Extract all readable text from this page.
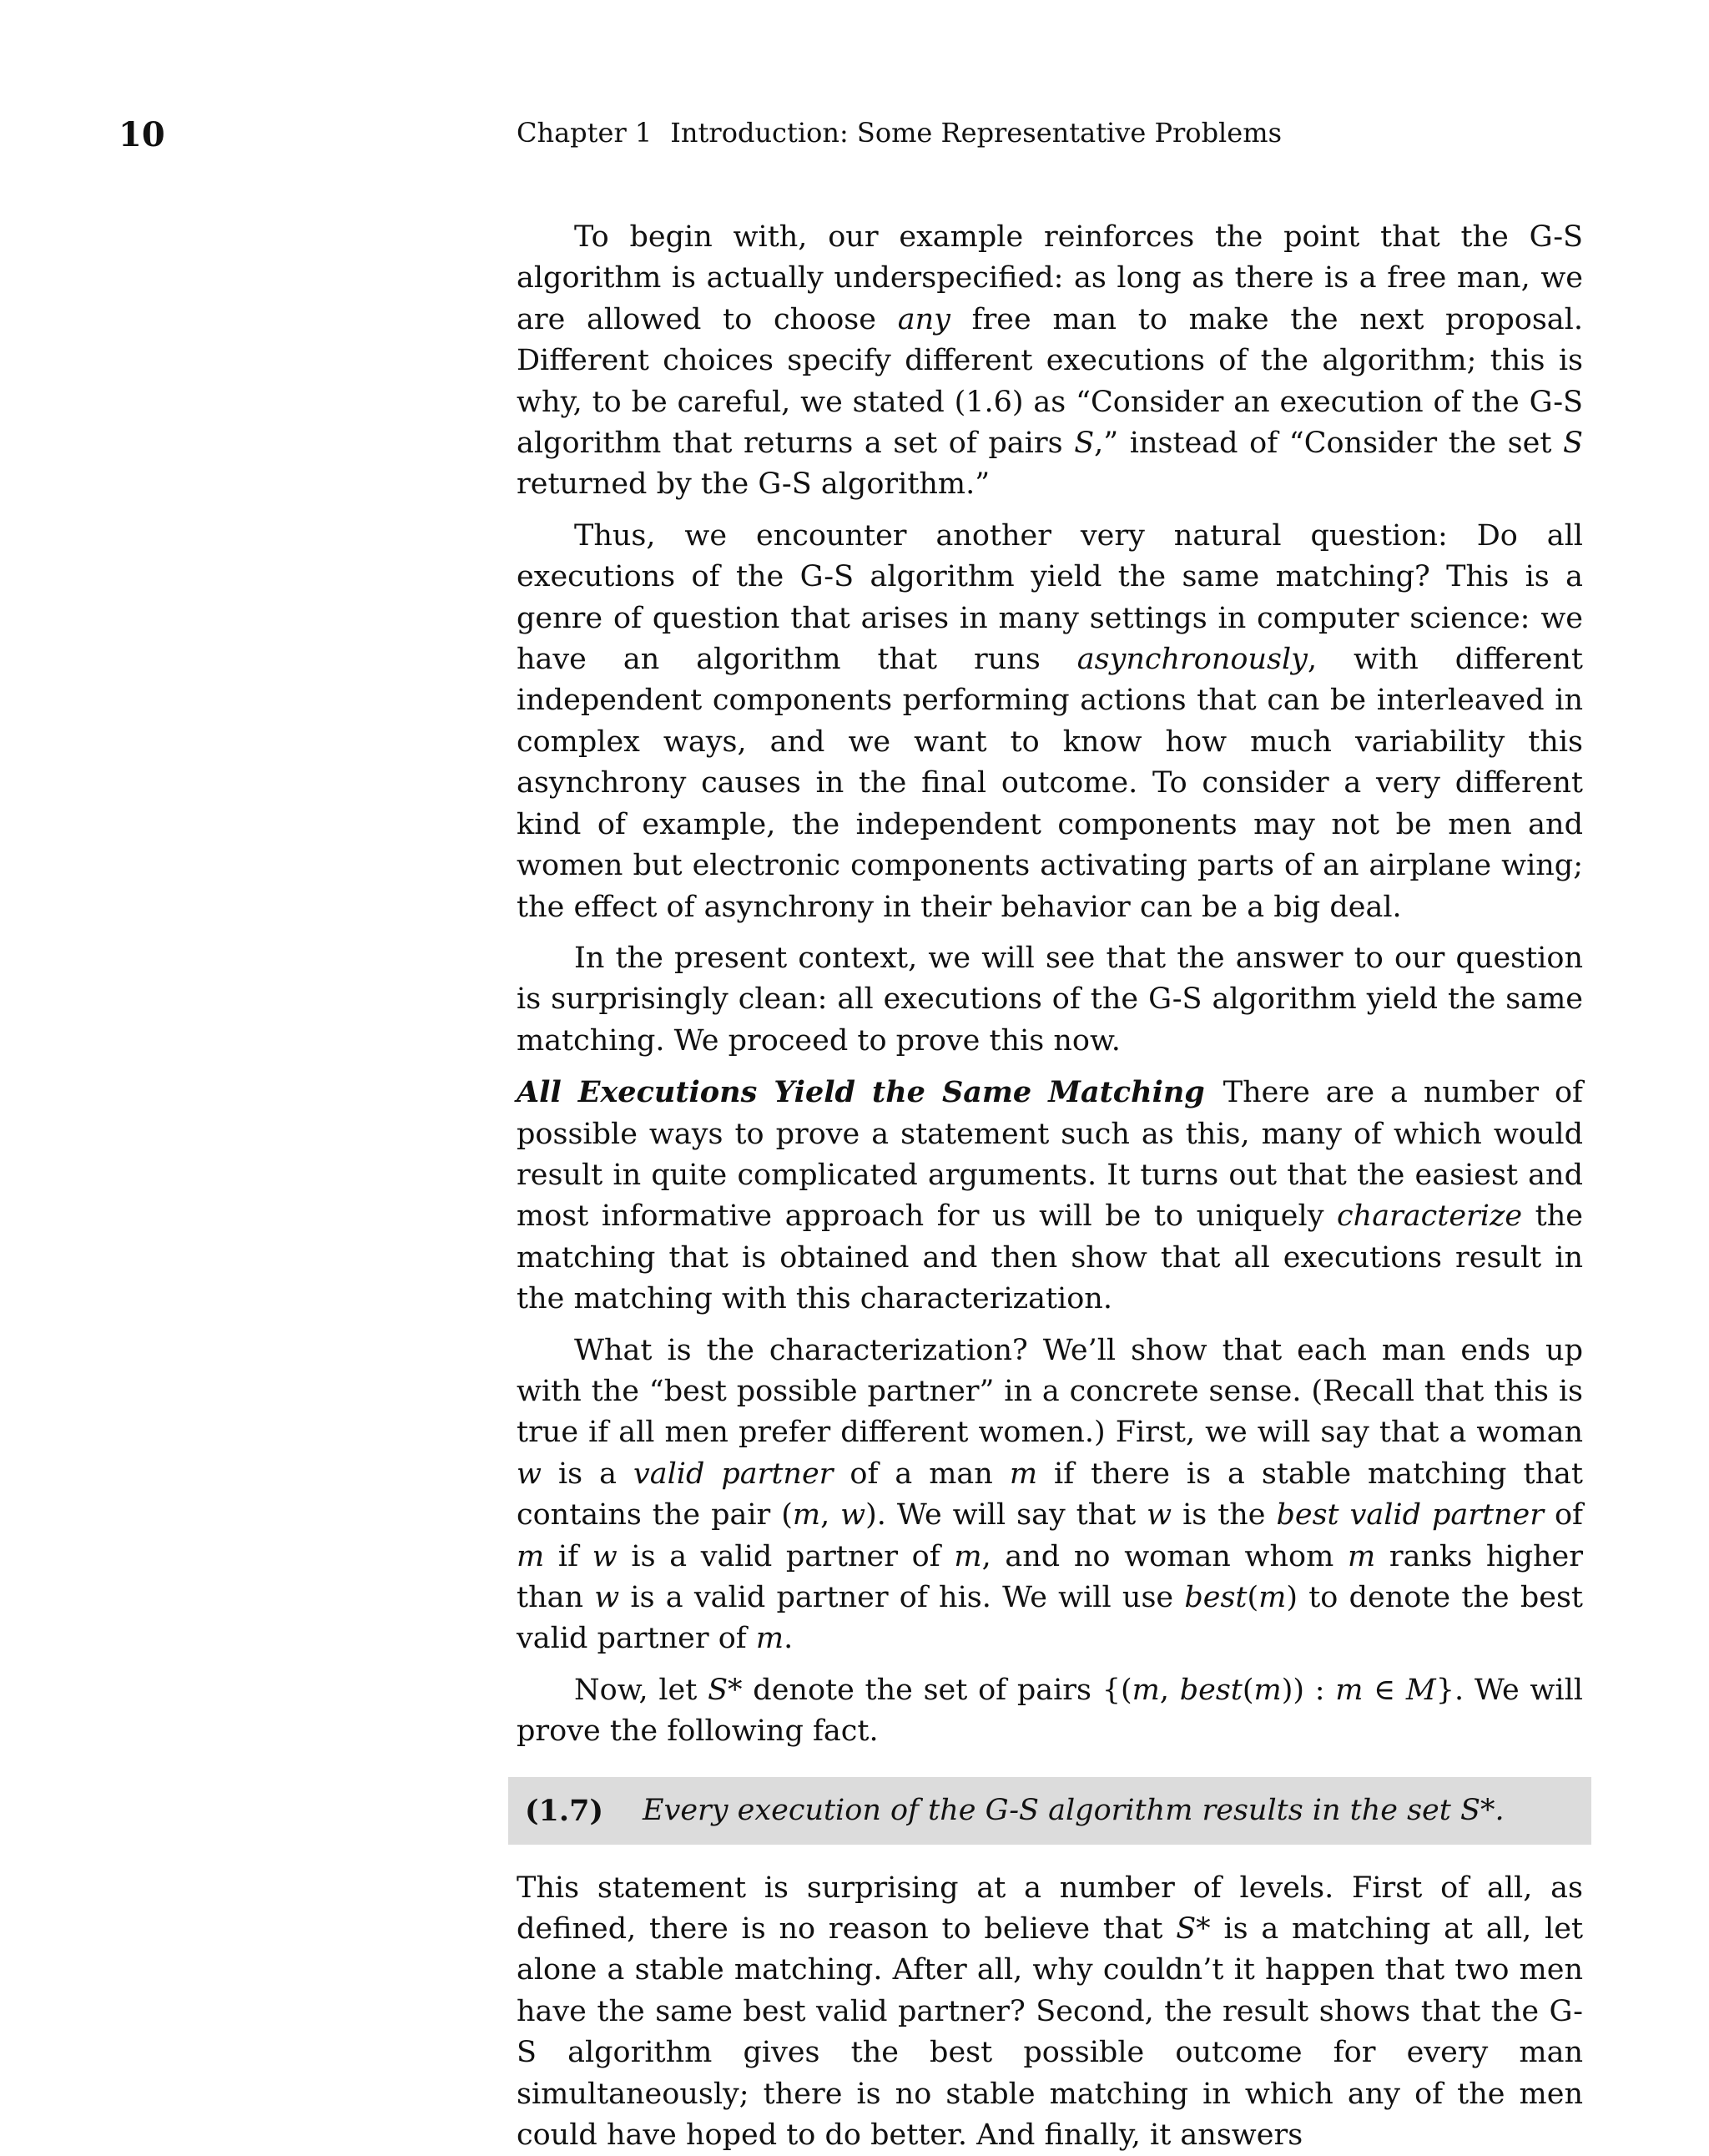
10	Chapter 1 Introduction: Some Representative Problems

To begin with, our example reinforces the point that the G-S algorithm is actually underspecified: as long as there is a free man, we are allowed to choose any free man to make the next proposal. Different choices specify different executions of the algorithm; this is why, to be careful, we stated (1.6) as “Consider an execution of the G-S algorithm that returns a set of pairs S,” instead of “Consider the set S returned by the G-S algorithm.”

Thus, we encounter another very natural question: Do all executions of the G-S algorithm yield the same matching? This is a genre of question that arises in many settings in computer science: we have an algorithm that runs asynchronously, with different independent components performing actions that can be interleaved in complex ways, and we want to know how much variability this asynchrony causes in the final outcome. To consider a very different kind of example, the independent components may not be men and women but electronic components activating parts of an airplane wing; the effect of asynchrony in their behavior can be a big deal.

In the present context, we will see that the answer to our question is surprisingly clean: all executions of the G-S algorithm yield the same matching. We proceed to prove this now.

All Executions Yield the Same Matching There are a number of possible ways to prove a statement such as this, many of which would result in quite complicated arguments. It turns out that the easiest and most informative approach for us will be to uniquely characterize the matching that is obtained and then show that all executions result in the matching with this characterization.

What is the characterization? We’ll show that each man ends up with the “best possible partner” in a concrete sense. (Recall that this is true if all men prefer different women.) First, we will say that a woman w is a valid partner of a man m if there is a stable matching that contains the pair (m, w). We will say that w is the best valid partner of m if w is a valid partner of m, and no woman whom m ranks higher than w is a valid partner of his. We will use best(m) to denote the best valid partner of m.

Now, let S* denote the set of pairs {(m, best(m)) : m ∈ M}. We will prove the following fact.

(1.7) Every execution of the G-S algorithm results in the set S*.

This statement is surprising at a number of levels. First of all, as defined, there is no reason to believe that S* is a matching at all, let alone a stable matching. After all, why couldn’t it happen that two men have the same best valid partner? Second, the result shows that the G-S algorithm gives the best possible outcome for every man simultaneously; there is no stable matching in which any of the men could have hoped to do better. And finally, it answers
